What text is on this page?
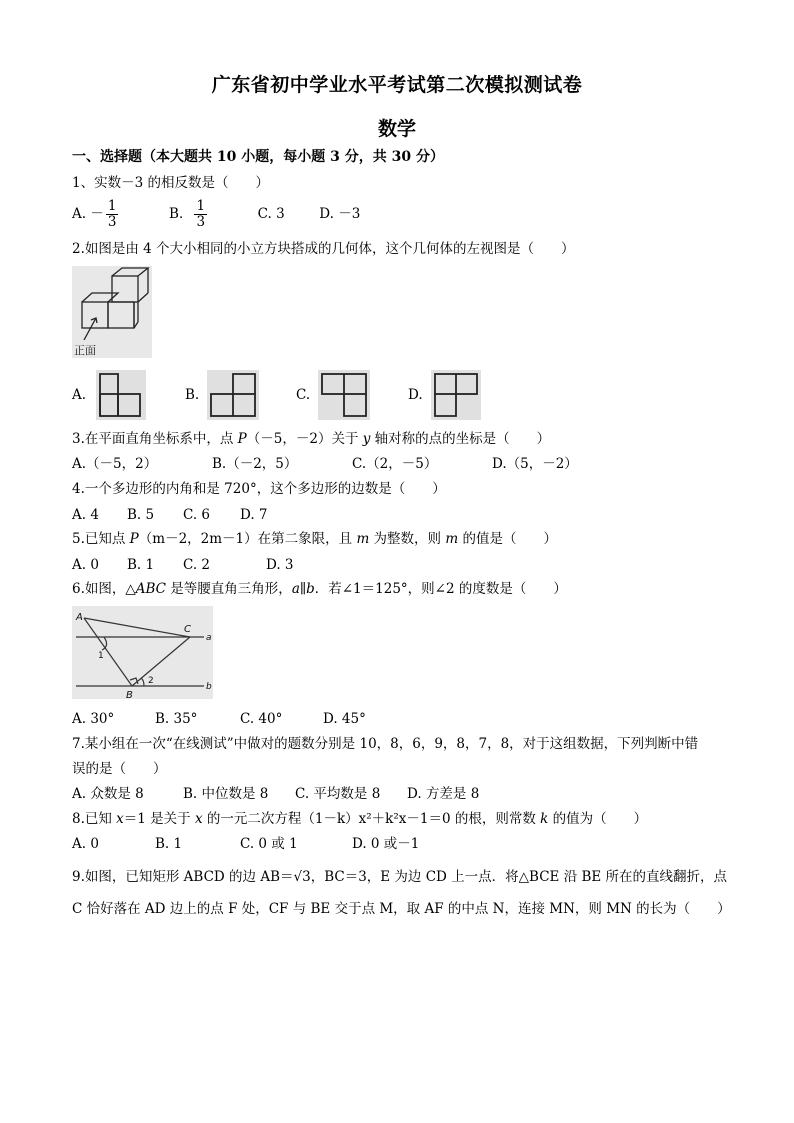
广东省初中学业水平考试第二次模拟测试卷
数学
一、选择题（本大题共 10 小题，每小题 3 分，共 30 分）
1、实数－3 的相反数是（　　）
A. － $\frac{1}{3}$	B． $\frac{1}{3}$	C. 3	D. －3
2.如图是由 4 个大小相同的小立方块搭成的几何体，这个几何体的左视图是（　　）
正面
A.	B.	C.	D.
3.在平面直角坐标系中，点 P（－5，－2）关于 y 轴对称的点的坐标是（　　）
A.（－5，2）	B.（－2，5）	C.（2，－5）	D.（5，－2）
4.一个多边形的内角和是 720°，这个多边形的边数是（　　）
A. 4 B. 5 C. 6 D. 7
5.已知点 P（m－2，2m－1）在第二象限，且 m 为整数，则 m 的值是（　　）
A. 0 B. 1 C. 2	D. 3
6.如图，△ABC 是等腰直角三角形，a∥b．若∠1＝125°，则∠2 的度数是（　　）
A
C
B
a
b
1
2
A. 30°	B. 35°	C. 40°	D. 45°
7.某小组在一次“在线测试”中做对的题数分别是 10，8，6，9，8，7，8，对于这组数据，下列判断中错
误的是（　　）
A. 众数是 8	B. 中位数是 8 C. 平均数是 8 D. 方差是 8
8.已知 x＝1 是关于 x 的一元二次方程（1－k）x²＋k²x－1＝0 的根，则常数 k 的值为（　　）
A. 0	B. 1	C. 0 或 1	D. 0 或－1
9.如图，已知矩形 ABCD 的边 AB＝√3，BC＝3，E 为边 CD 上一点．将△BCE 沿 BE 所在的直线翻折，点
C 恰好落在 AD 边上的点 F 处，CF 与 BE 交于点 M，取 AF 的中点 N，连接 MN，则 MN 的长为（　　）
